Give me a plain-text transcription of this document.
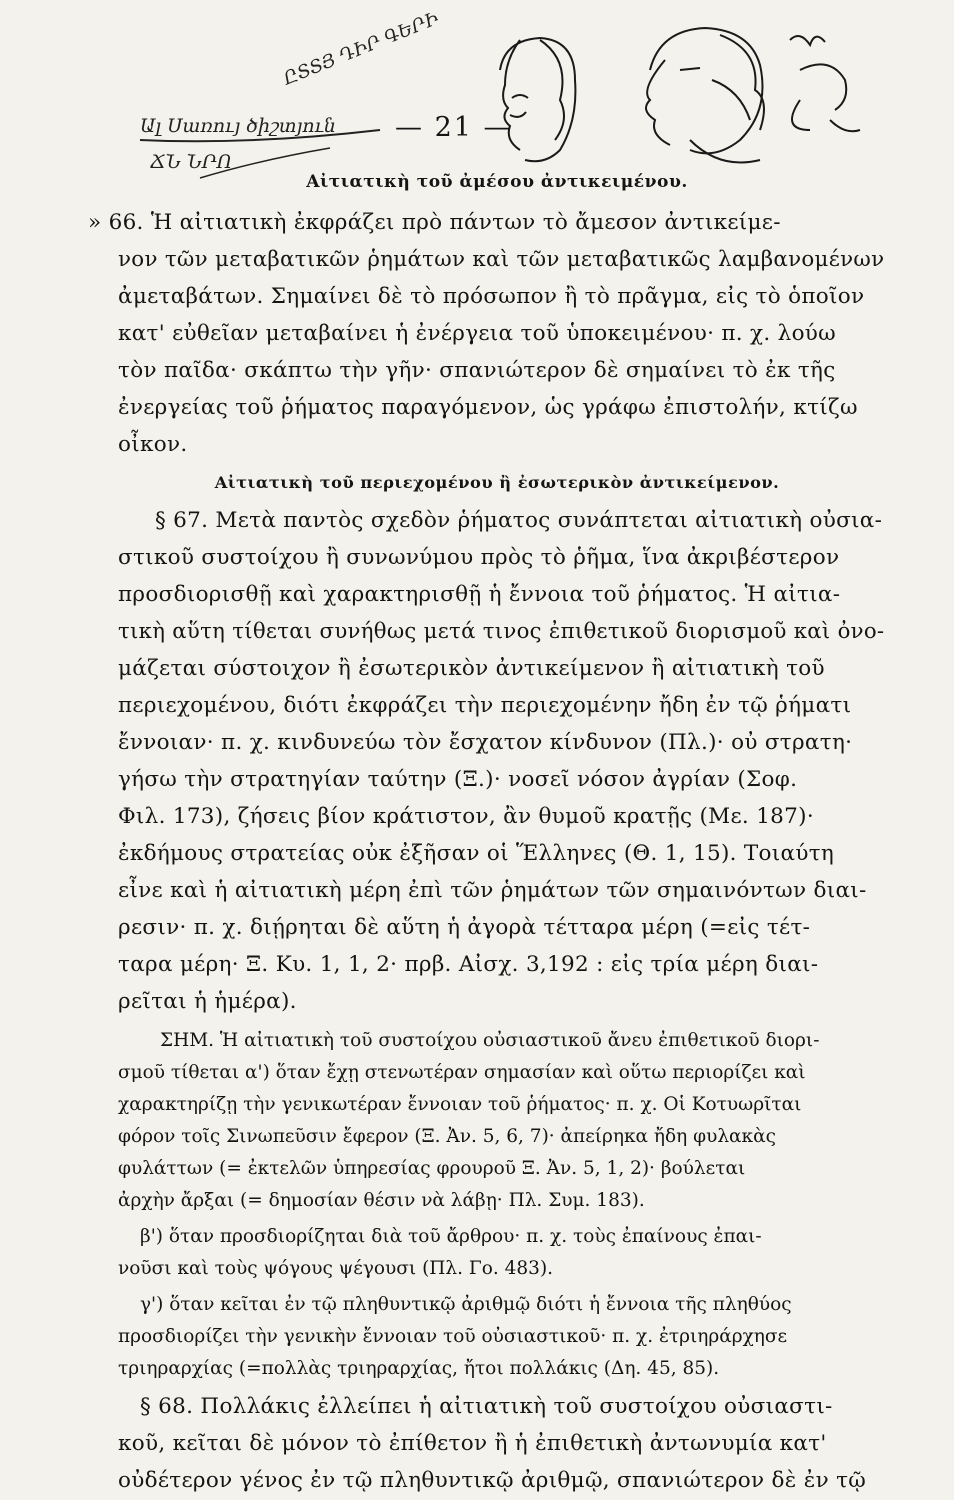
ԸՏՏՅ ԴԻՐ ԳԵՐԻ
Ալ Սառույ ծիշտյուն
ՃՆ ՆՐՈ
— 21 —
Αἰτιατικὴ τοῦ ἀμέσου ἀντικειμένου.
» 66. Ἡ αἰτιατικὴ ἐκφράζει πρὸ πάντων τὸ ἄμεσον ἀντικείμε-
νον τῶν μεταβατικῶν ῥημάτων καὶ τῶν μεταβατικῶς λαμβανομένων
ἀμεταβάτων. Σημαίνει δὲ τὸ πρόσωπον ἢ τὸ πρᾶγμα, εἰς τὸ ὁποῖον
κατ' εὐθεῖαν μεταβαίνει ἡ ἐνέργεια τοῦ ὑποκειμένου· π. χ. λούω
τὸν παῖδα· σκάπτω τὴν γῆν· σπανιώτερον δὲ σημαίνει τὸ ἐκ τῆς
ἐνεργείας τοῦ ῥήματος παραγόμενον, ὡς γράφω ἐπιστολήν, κτίζω
οἶκον.
Αἰτιατικὴ τοῦ περιεχομένου ἢ ἐσωτερικὸν ἀντικείμενον.
§ 67. Μετὰ παντὸς σχεδὸν ῥήματος συνάπτεται αἰτιατικὴ οὐσια-
στικοῦ συστοίχου ἢ συνωνύμου πρὸς τὸ ῥῆμα, ἵνα ἀκριβέστερον
προσδιορισθῇ καὶ χαρακτηρισθῇ ἡ ἔννοια τοῦ ῥήματος. Ἡ αἰτια-
τικὴ αὕτη τίθεται συνήθως μετά τινος ἐπιθετικοῦ διορισμοῦ καὶ ὀνο-
μάζεται σύστοιχον ἢ ἐσωτερικὸν ἀντικείμενον ἢ αἰτιατικὴ τοῦ
περιεχομένου, διότι ἐκφράζει τὴν περιεχομένην ἤδη ἐν τῷ ῥήματι
ἔννοιαν· π. χ. κινδυνεύω τὸν ἔσχατον κίνδυνον (Πλ.)· οὐ στρατη·
γήσω τὴν στρατηγίαν ταύτην (Ξ.)· νοσεῖ νόσον ἀγρίαν (Σοφ.
Φιλ. 173), ζήσεις βίον κράτιστον, ἂν θυμοῦ κρατῇς (Με. 187)·
ἐκδήμους στρατείας οὐκ ἐξῆσαν οἱ Ἕλληνες (Θ. 1, 15). Τοιαύτη
εἶνε καὶ ἡ αἰτιατικὴ μέρη ἐπὶ τῶν ῥημάτων τῶν σημαινόντων διαι-
ρεσιν· π. χ. διῄρηται δὲ αὕτη ἡ ἀγορὰ τέτταρα μέρη (=εἰς τέτ-
ταρα μέρη· Ξ. Κυ. 1, 1, 2· πρβ. Αἰσχ. 3,192 : εἰς τρία μέρη διαι-
ρεῖται ἡ ἡμέρα).
ΣΗΜ. Ἡ αἰτιατικὴ τοῦ συστοίχου οὐσιαστικοῦ ἄνευ ἐπιθετικοῦ διορι-
σμοῦ τίθεται α') ὅταν ἔχῃ στενωτέραν σημασίαν καὶ οὕτω περιορίζει καὶ
χαρακτηρίζῃ τὴν γενικωτέραν ἔννοιαν τοῦ ῥήματος· π. χ. Οἱ Κοτυωρῖται
φόρον τοῖς Σινωπεῦσιν ἔφερον (Ξ. Ἀν. 5, 6, 7)· ἀπείρηκα ἤδη φυλακὰς
φυλάττων (= ἐκτελῶν ὑπηρεσίας φρουροῦ Ξ. Ἀν. 5, 1, 2)· βούλεται
ἀρχὴν ἄρξαι (= δημοσίαν θέσιν νὰ λάβῃ· Πλ. Συμ. 183).
β') ὅταν προσδιορίζηται διὰ τοῦ ἄρθρου· π. χ. τοὺς ἐπαίνους ἐπαι-
νοῦσι καὶ τοὺς ψόγους ψέγουσι (Πλ. Γο. 483).
γ') ὅταν κεῖται ἐν τῷ πληθυντικῷ ἀριθμῷ διότι ἡ ἔννοια τῆς πληθύος
προσδιορίζει τὴν γενικὴν ἔννοιαν τοῦ οὐσιαστικοῦ· π. χ. ἐτριηράρχησε
τριηραρχίας (=πολλὰς τριηραρχίας, ἤτοι πολλάκις (Δη. 45, 85).
§ 68. Πολλάκις ἐλλείπει ἡ αἰτιατικὴ τοῦ συστοίχου οὐσιαστι-
κοῦ, κεῖται δὲ μόνον τὸ ἐπίθετον ἢ ἡ ἐπιθετικὴ ἀντωνυμία κατ'
οὐδέτερον γένος ἐν τῷ πληθυντικῷ ἀριθμῷ, σπανιώτερον δὲ ἐν τῷ
